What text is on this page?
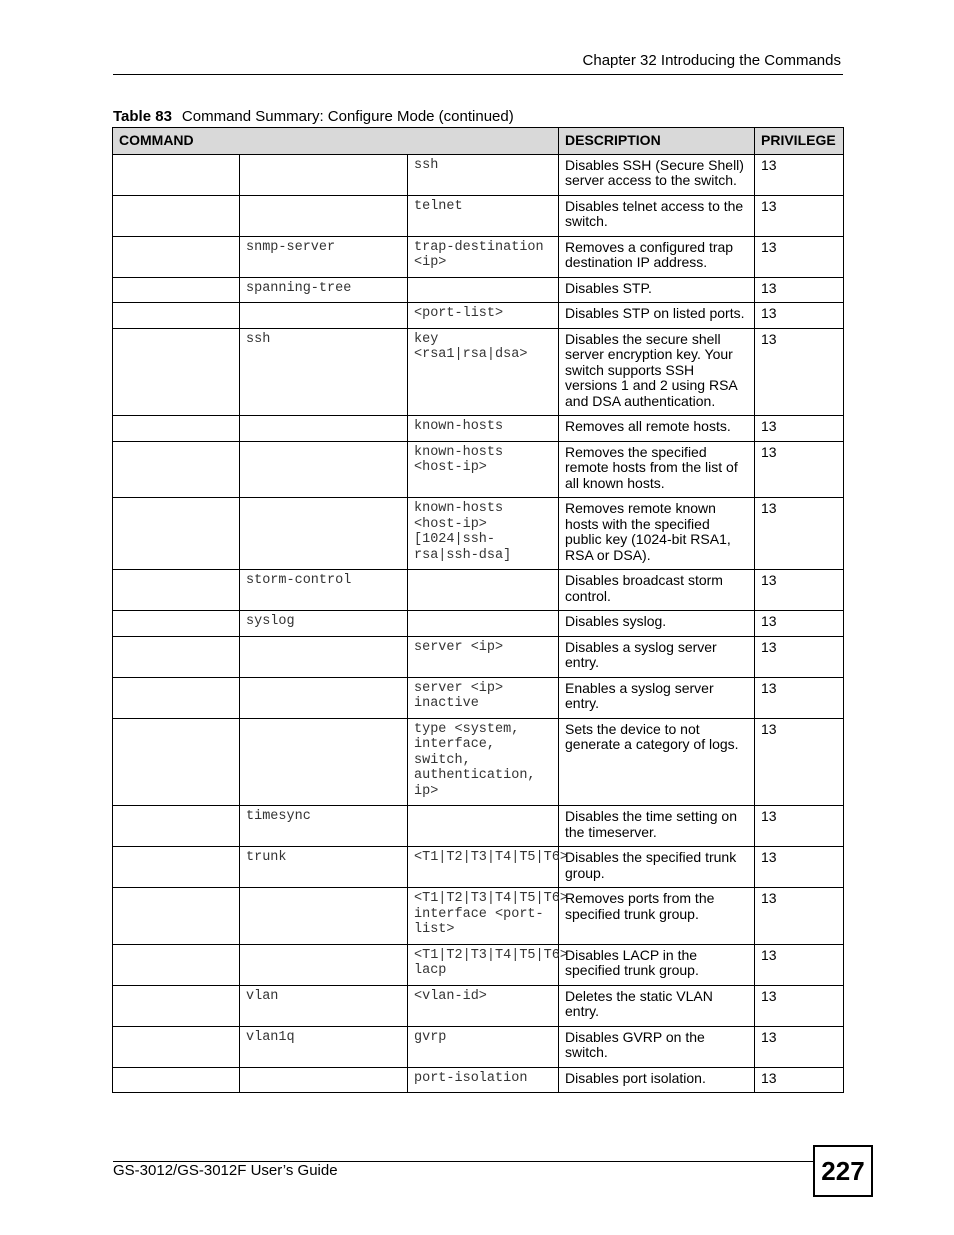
Chapter 32 Introducing the Commands
Table 83 Command Summary: Configure Mode (continued)
COMMAND			DESCRIPTION	PRIVILEGE
		ssh	Disables SSH (Secure Shell) server access to the switch.	13
		telnet	Disables telnet access to the switch.	13
	snmp-server	trap-destination <ip>	Removes a configured trap destination IP address.	13
	spanning-tree		Disables STP.	13
		<port-list>	Disables STP on listed ports.	13
	ssh	key <rsa1|rsa|dsa>	Disables the secure shell server encryption key. Your switch supports SSH versions 1 and 2 using RSA and DSA authentication.	13
		known-hosts	Removes all remote hosts.	13
		known-hosts <host-ip>	Removes the specified remote hosts from the list of all known hosts.	13
		known-hosts <host-ip> [1024|ssh-rsa|ssh-dsa]	Removes remote known hosts with the specified public key (1024-bit RSA1, RSA or DSA).	13
	storm-control		Disables broadcast storm control.	13
	syslog		Disables syslog.	13
		server <ip>	Disables a syslog server entry.	13
		server <ip> inactive	Enables a syslog server entry.	13
		type <system, interface, switch, authentication, ip>	Sets the device to not generate a category of logs.	13
	timesync		Disables the time setting on the timeserver.	13
	trunk	<T1|T2|T3|T4|T5|T6>	Disables the specified trunk group.	13
		<T1|T2|T3|T4|T5|T6> interface <port-list>	Removes ports from the specified trunk group.	13
		<T1|T2|T3|T4|T5|T6> lacp	Disables LACP in the specified trunk group.	13
	vlan	<vlan-id>	Deletes the static VLAN entry.	13
	vlan1q	gvrp	Disables GVRP on the switch.	13
		port-isolation	Disables port isolation.	13
GS-3012/GS-3012F User’s Guide	227
